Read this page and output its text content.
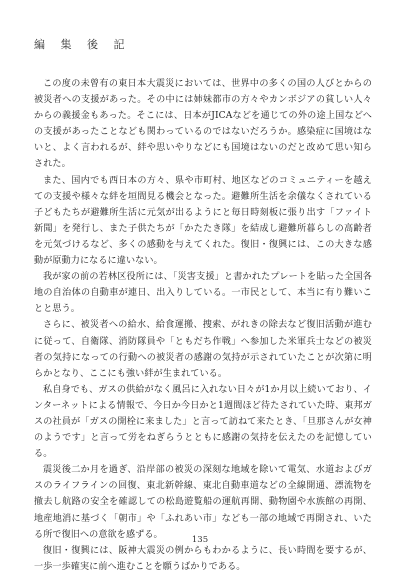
編 集 後 記

この度の未曾有の東日本大震災においては、世界中の多くの国の人びとからの被災者への支援があった。その中には姉妹都市の方々やカンボジアの貧しい人々からの義援金もあった。そこには、日本がJICAなどを通じての外の途上国などへの支援があったことなども関わっているのではないだろうか。感染症に国境はないと、よく言われるが、絆や思いやりなどにも国境はないのだと改めて思い知らされた。

また、国内でも西日本の方々、県や市町村、地区などのコミュニティーを越えての支援や様々な絆を垣間見る機会となった。避難所生活を余儀なくされている子どもたちが避難所生活に元気が出るようにと毎日時刻板に張り出す「ファイト新聞」を発行し、また子供たちが「かたたき隊」を結成し避難所暮らしの高齢者を元気づけるなど、多くの感動を与えてくれた。復旧・復興には、この大きな感動が原動力になるに違いない。

我が家の前の若林区役所には、「災害支援」と書かれたプレートを貼った全国各地の自治体の自動車が連日、出入りしている。一市民として、本当に有り難いことと思う。

さらに、被災者への給水、給食運搬、捜索、がれきの除去など復旧活動が進むに従って、自衛隊、消防隊員や「ともだち作戦」へ参加した米軍兵士などの被災者の気持になっての行動への被災者の感謝の気持が示されていたことが次第に明らかとなり、ここにも強い絆が生まれている。

私自身でも、ガスの供給がなく風呂に入れない日々が1か月以上続いており、インターネットによる情報で、今日か今日かと1週間ほど待たされていた時、東邦ガスの社員が「ガスの開栓に来ました」と言って訪ねて来たとき、「旦那さんが女神のようです」と言って労をねぎらうとともに感謝の気持を伝えたのを記憶している。

震災後二か月を過ぎ、沿岸部の被災の深刻な地域を除いて電気、水道およびガスのライフラインの回復、東北新幹線、東北自動車道などの全線開通、漂流物を撤去し航路の安全を確認しての松島遊覧船の運航再開、動物園や水族館の再開、地産地消に基づく「朝市」や「ふれあい市」なども一部の地域で再開され、いたる所で復旧への意欲を感ずる。

復旧・復興には、阪神大震災の例からもわかるように、長い時間を要するが、一歩一歩確実に前へ進むことを願うばかりである。

135
